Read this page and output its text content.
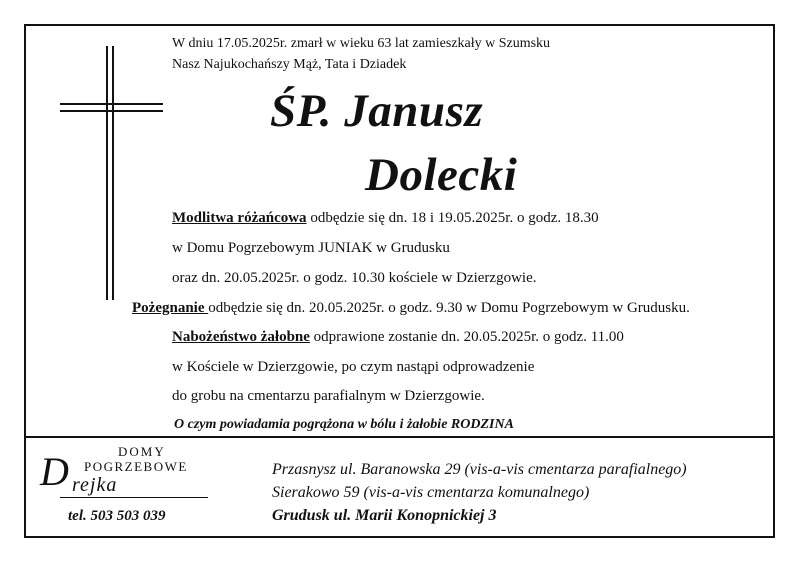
W dniu 17.05.2025r. zmarł w wieku 63 lat zamieszkały w Szumsku
Nasz Najukochańszy Mąż, Tata i Dziadek
ŚP. Janusz
Dolecki
Modlitwa różańcowa odbędzie się dn. 18 i 19.05.2025r. o godz. 18.30
w Domu Pogrzebowym JUNIAK w Grudusku
oraz dn. 20.05.2025r. o godz. 10.30 kościele w Dzierzgowie.
Pożegnanie odbędzie się dn. 20.05.2025r. o godz. 9.30 w Domu Pogrzebowym w Grudusku.
Nabożeństwo żałobne odprawione zostanie dn. 20.05.2025r. o godz. 11.00
w Kościele w Dzierzgowie, po czym nastąpi odprowadzenie
do grobu na cmentarzu parafialnym w Dzierzgowie.
O czym powiadamia pogrążona w bólu i żałobie RODZINA
DOMY
POGRZEBOWE
D rejka
tel. 503 503 039
Przasnysz ul. Baranowska 29 (vis-a-vis cmentarza parafialnego)
Sierakowo 59 (vis-a-vis cmentarza komunalnego)
Grudusk ul. Marii Konopnickiej 3
